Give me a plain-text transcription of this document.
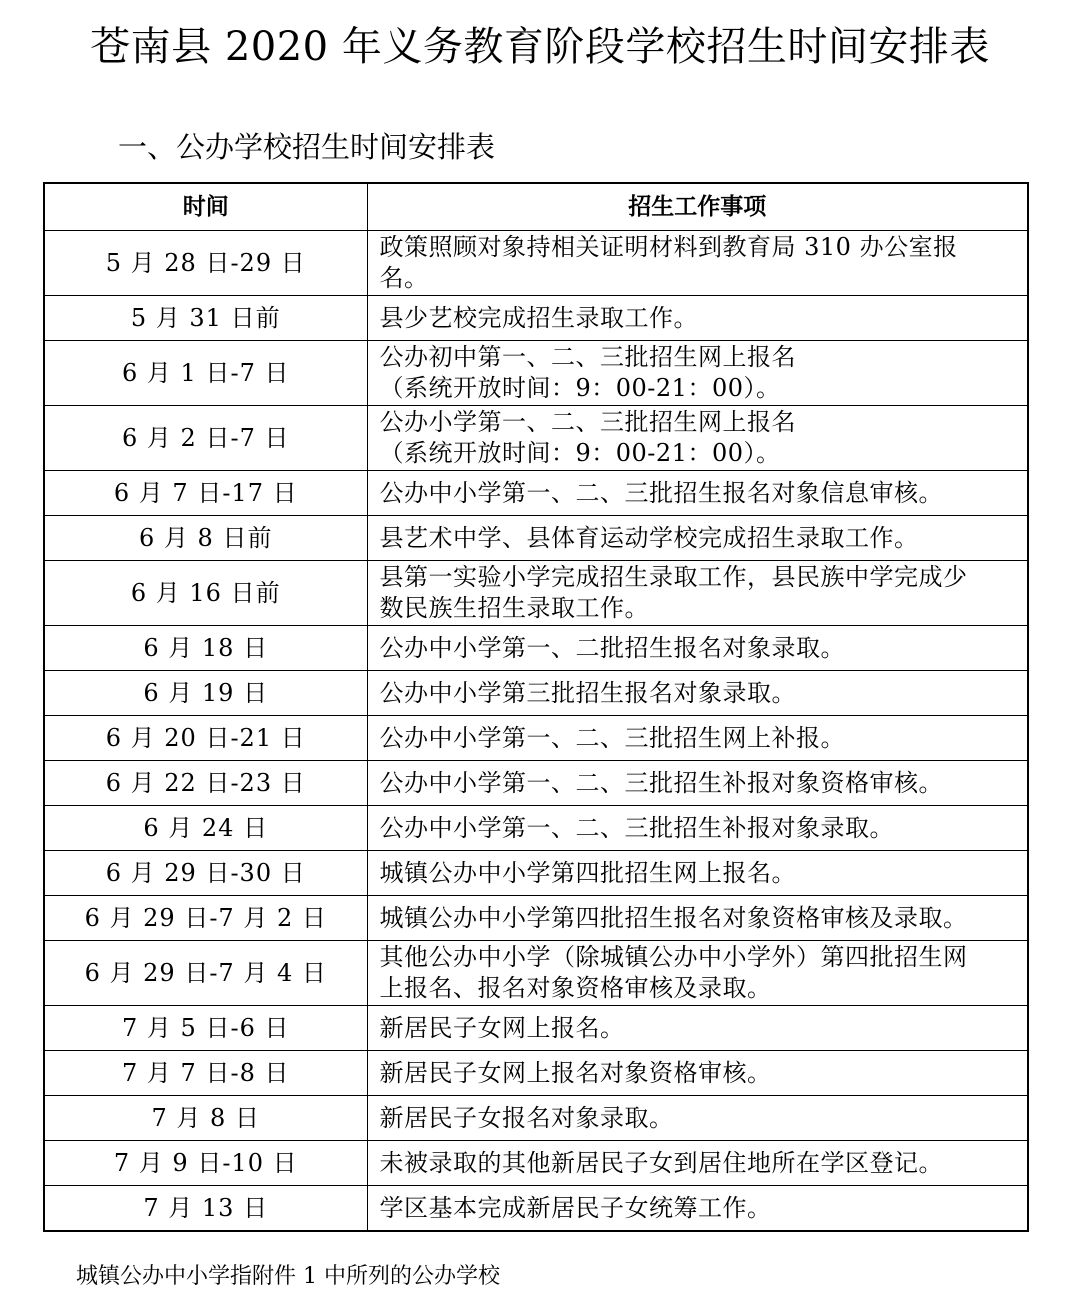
苍南县 2020 年义务教育阶段学校招生时间安排表
一、公办学校招生时间安排表
时间	招生工作事项
5 月 28 日-29 日	政策照顾对象持相关证明材料到教育局 310 办公室报
名。

5 月 31 日前	县少艺校完成招生录取工作。

6 月 1 日-7 日	公办初中第一、二、三批招生网上报名
（系统开放时间：9：00-21：00）。

6 月 2 日-7 日	公办小学第一、二、三批招生网上报名
（系统开放时间：9：00-21：00）。

6 月 7 日-17 日	公办中小学第一、二、三批招生报名对象信息审核。

6 月 8 日前	县艺术中学、县体育运动学校完成招生录取工作。

6 月 16 日前	县第一实验小学完成招生录取工作，县民族中学完成少
数民族生招生录取工作。

6 月 18 日	公办中小学第一、二批招生报名对象录取。

6 月 19 日	公办中小学第三批招生报名对象录取。

6 月 20 日-21 日	公办中小学第一、二、三批招生网上补报。

6 月 22 日-23 日	公办中小学第一、二、三批招生补报对象资格审核。

6 月 24 日	公办中小学第一、二、三批招生补报对象录取。

6 月 29 日-30 日	城镇公办中小学第四批招生网上报名。

6 月 29 日-7 月 2 日	城镇公办中小学第四批招生报名对象资格审核及录取。

6 月 29 日-7 月 4 日	其他公办中小学（除城镇公办中小学外）第四批招生网
上报名、报名对象资格审核及录取。

7 月 5 日-6 日	新居民子女网上报名。

7 月 7 日-8 日	新居民子女网上报名对象资格审核。

7 月 8 日	新居民子女报名对象录取。

7 月 9 日-10 日	未被录取的其他新居民子女到居住地所在学区登记。

7 月 13 日	学区基本完成新居民子女统筹工作。
城镇公办中小学指附件 1 中所列的公办学校
